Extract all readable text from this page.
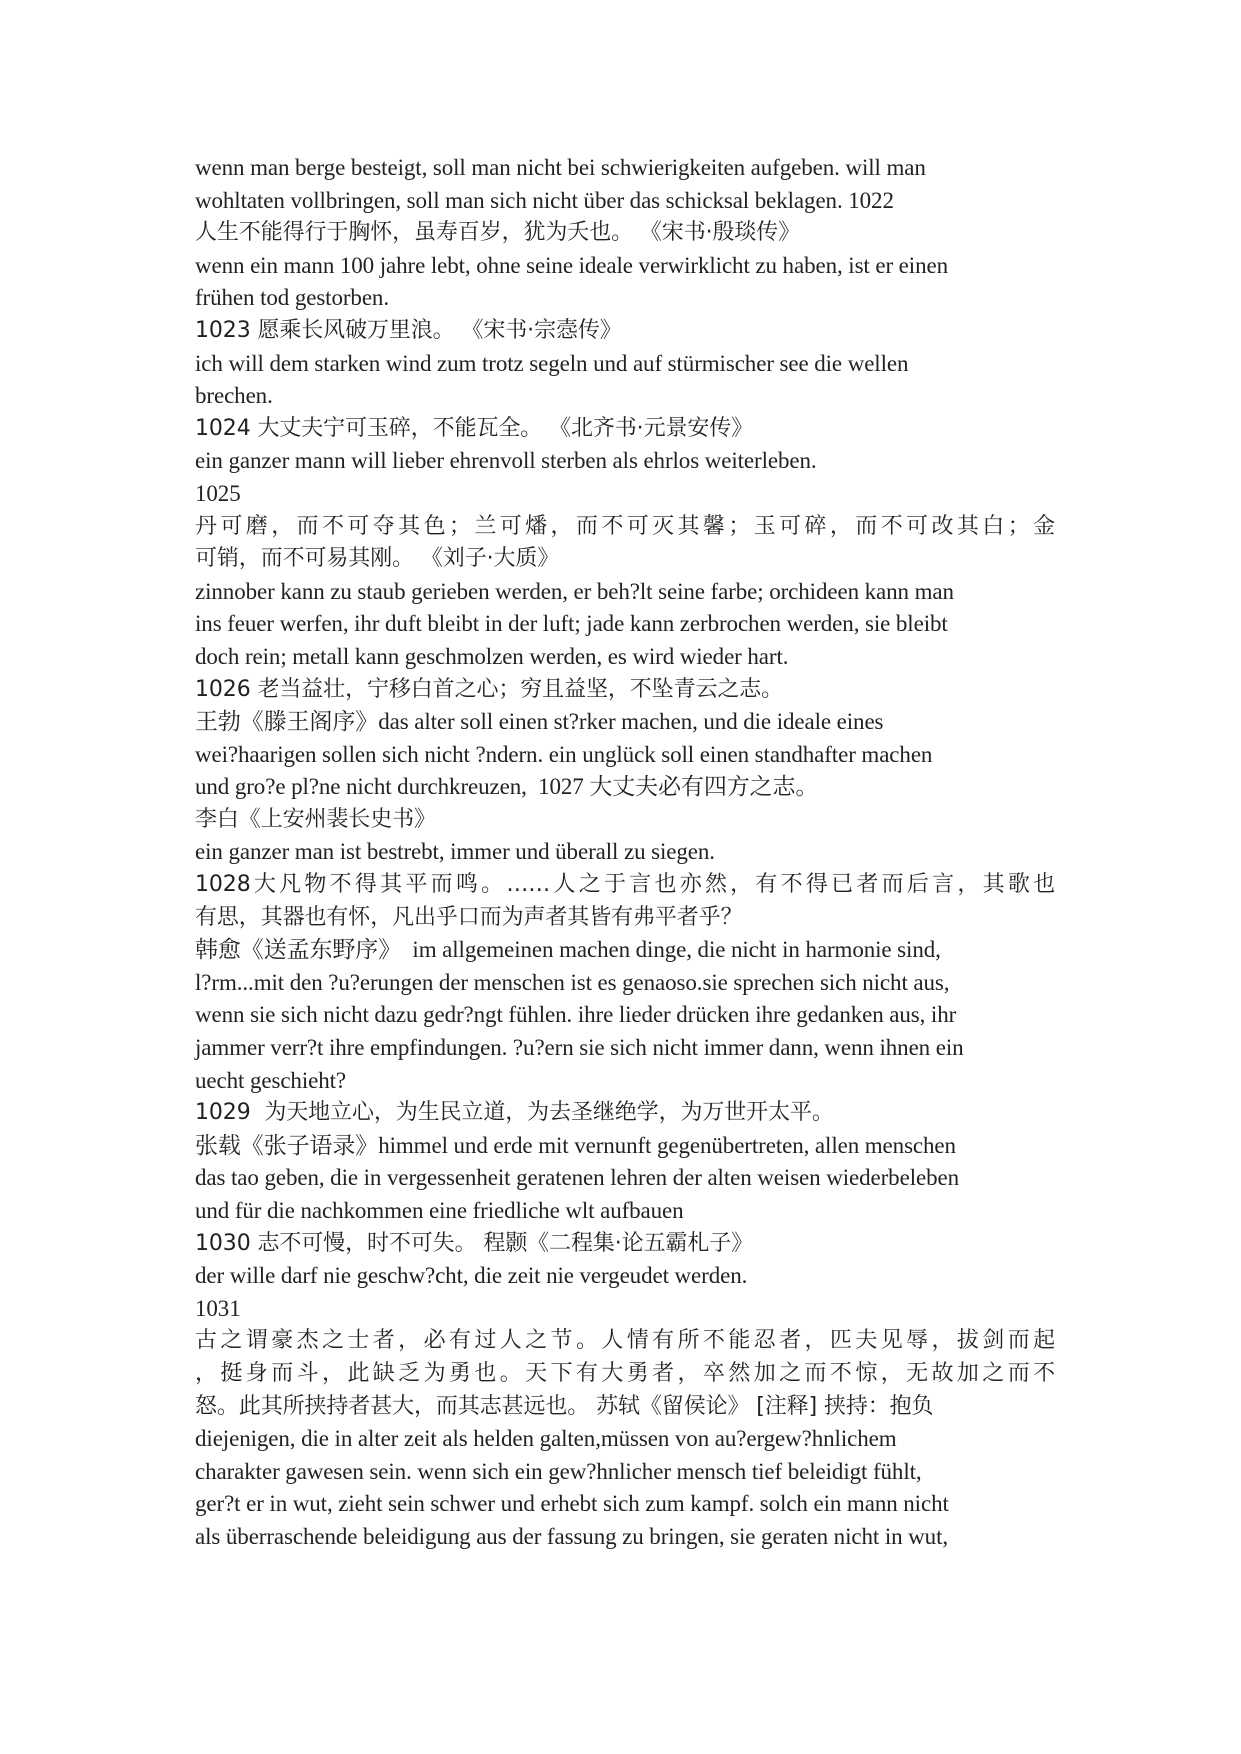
wenn man berge besteigt, soll man nicht bei schwierigkeiten aufgeben. will man
wohltaten vollbringen, soll man sich nicht über das schicksal beklagen. 1022
人生不能得行于胸怀，虽寿百岁，犹为夭也。 《宋书·殷琰传》
wenn ein mann 100 jahre lebt, ohne seine ideale verwirklicht zu haben, ist er einen
frühen tod gestorben.
1023 愿乘长风破万里浪。 《宋书·宗悫传》
ich will dem starken wind zum trotz segeln und auf stürmischer see die wellen
brechen.
1024 大丈夫宁可玉碎，不能瓦全。 《北齐书·元景安传》
ein ganzer mann will lieber ehrenvoll sterben als ehrlos weiterleben.
1025
丹可磨，而不可夺其色；兰可燔，而不可灭其馨；玉可碎，而不可改其白；金
可销，而不可易其刚。 《刘子·大质》
zinnober kann zu staub gerieben werden, er beh?lt seine farbe; orchideen kann man
ins feuer werfen, ihr duft bleibt in der luft; jade kann zerbrochen werden, sie bleibt
doch rein; metall kann geschmolzen werden, es wird wieder hart.
1026 老当益壮，宁移白首之心；穷且益坚，不坠青云之志。
王勃《滕王阁序》das alter soll einen st?rker machen, und die ideale eines
wei?haarigen sollen sich nicht ?ndern. ein unglück soll einen standhafter machen
und gro?e pl?ne nicht durchkreuzen,  1027 大丈夫必有四方之志。
李白《上安州裴长史书》
ein ganzer man ist bestrebt, immer und überall zu siegen.
1028大凡物不得其平而鸣。……人之于言也亦然，有不得已者而后言，其歌也
有思，其器也有怀，凡出乎口而为声者其皆有弗平者乎？
韩愈《送孟东野序》  im allgemeinen machen dinge, die nicht in harmonie sind,
l?rm...mit den ?u?erungen der menschen ist es genaoso.sie sprechen sich nicht aus,
wenn sie sich nicht dazu gedr?ngt fühlen. ihre lieder drücken ihre gedanken aus, ihr
jammer verr?t ihre empfindungen. ?u?ern sie sich nicht immer dann, wenn ihnen ein
uecht geschieht?
1029  为天地立心，为生民立道，为去圣继绝学，为万世开太平。
张载《张子语录》himmel und erde mit vernunft gegenübertreten, allen menschen
das tao geben, die in vergessenheit geratenen lehren der alten weisen wiederbeleben
und für die nachkommen eine friedliche wlt aufbauen
1030 志不可慢，时不可失。 程颢《二程集·论五霸札子》
der wille darf nie geschw?cht, die zeit nie vergeudet werden.
1031
古之谓豪杰之士者，必有过人之节。人情有所不能忍者，匹夫见辱，拔剑而起
，挺身而斗，此缺乏为勇也。天下有大勇者，卒然加之而不惊，无故加之而不
怒。此其所挟持者甚大，而其志甚远也。 苏轼《留侯论》 [注释] 挟持：抱负
diejenigen, die in alter zeit als helden galten,müssen von au?ergew?hnlichem
charakter gawesen sein. wenn sich ein gew?hnlicher mensch tief beleidigt fühlt,
ger?t er in wut, zieht sein schwer und erhebt sich zum kampf. solch ein mann nicht
als überraschende beleidigung aus der fassung zu bringen, sie geraten nicht in wut,
